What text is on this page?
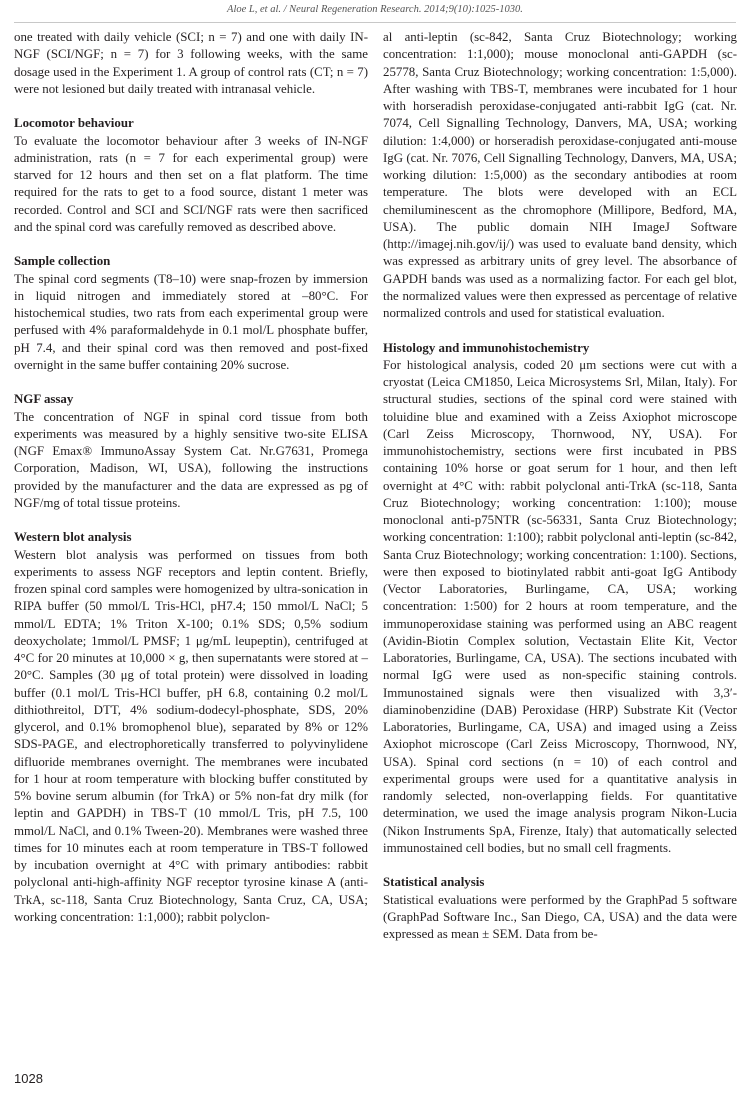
Aloe L, et al. / Neural Regeneration Research. 2014;9(10):1025-1030.

one treated with daily vehicle (SCI; n = 7) and one with daily IN-NGF (SCI/NGF; n = 7) for 3 following weeks, with the same dosage used in the Experiment 1. A group of control rats (CT; n = 7) were not lesioned but daily treated with intranasal vehicle.

Locomotor behaviour

To evaluate the locomotor behaviour after 3 weeks of IN-NGF administration, rats (n = 7 for each experimental group) were starved for 12 hours and then set on a flat platform. The time required for the rats to get to a food source, distant 1 meter was recorded. Control and SCI and SCI/NGF rats were then sacrificed and the spinal cord was carefully removed as described above.

Sample collection

The spinal cord segments (T8–10) were snap-frozen by immersion in liquid nitrogen and immediately stored at –80°C. For histochemical studies, two rats from each experimental group were perfused with 4% paraformaldehyde in 0.1 mol/L phosphate buffer, pH 7.4, and their spinal cord was then removed and post-fixed overnight in the same buffer containing 20% sucrose.

NGF assay

The concentration of NGF in spinal cord tissue from both experiments was measured by a highly sensitive two-site ELISA (NGF Emax® ImmunoAssay System Cat. Nr.G7631, Promega Corporation, Madison, WI, USA), following the instructions provided by the manufacturer and the data are expressed as pg of NGF/mg of total tissue proteins.

Western blot analysis

Western blot analysis was performed on tissues from both experiments to assess NGF receptors and leptin content. Briefly, frozen spinal cord samples were homogenized by ultra-sonication in RIPA buffer (50 mmol/L Tris-HCl, pH7.4; 150 mmol/L NaCl; 5 mmol/L EDTA; 1% Triton X-100; 0.1% SDS; 0,5% sodium deoxycholate; 1mmol/L PMSF; 1 μg/mL leupeptin), centrifuged at 4°C for 20 minutes at 10,000 × g, then supernatants were stored at –20°C. Samples (30 μg of total protein) were dissolved in loading buffer (0.1 mol/L Tris-HCl buffer, pH 6.8, containing 0.2 mol/L dithiothreitol, DTT, 4% sodium-dodecyl-phosphate, SDS, 20% glycerol, and 0.1% bromophenol blue), separated by 8% or 12% SDS-PAGE, and electrophoretically transferred to polyvinylidene difluoride membranes overnight. The membranes were incubated for 1 hour at room temperature with blocking buffer constituted by 5% bovine serum albumin (for TrkA) or 5% non-fat dry milk (for leptin and GAPDH) in TBS-T (10 mmol/L Tris, pH 7.5, 100 mmol/L NaCl, and 0.1% Tween-20). Membranes were washed three times for 10 minutes each at room temperature in TBS-T followed by incubation overnight at 4°C with primary antibodies: rabbit polyclonal anti-high-affinity NGF receptor tyrosine kinase A (anti-TrkA, sc-118, Santa Cruz Biotechnology, Santa Cruz, CA, USA; working concentration: 1:1,000); rabbit polyclon-

al anti-leptin (sc-842, Santa Cruz Biotechnology; working concentration: 1:1,000); mouse monoclonal anti-GAPDH (sc-25778, Santa Cruz Biotechnology; working concentration: 1:5,000). After washing with TBS-T, membranes were incubated for 1 hour with horseradish peroxidase-conjugated anti-rabbit IgG (cat. Nr. 7074, Cell Signalling Technology, Danvers, MA, USA; working dilution: 1:4,000) or horseradish peroxidase-conjugated anti-mouse IgG (cat. Nr. 7076, Cell Signalling Technology, Danvers, MA, USA; working dilution: 1:5,000) as the secondary antibodies at room temperature. The blots were developed with an ECL chemiluminescent as the chromophore (Millipore, Bedford, MA, USA). The public domain NIH ImageJ Software (http://imagej.nih.gov/ij/) was used to evaluate band density, which was expressed as arbitrary units of grey level. The absorbance of GAPDH bands was used as a normalizing factor. For each gel blot, the normalized values were then expressed as percentage of relative normalized controls and used for statistical evaluation.

Histology and immunohistochemistry

For histological analysis, coded 20 μm sections were cut with a cryostat (Leica CM1850, Leica Microsystems Srl, Milan, Italy). For structural studies, sections of the spinal cord were stained with toluidine blue and examined with a Zeiss Axiophot microscope (Carl Zeiss Microscopy, Thornwood, NY, USA). For immunohistochemistry, sections were first incubated in PBS containing 10% horse or goat serum for 1 hour, and then left overnight at 4°C with: rabbit polyclonal anti-TrkA (sc-118, Santa Cruz Biotechnology; working concentration: 1:100); mouse monoclonal anti-p75NTR (sc-56331, Santa Cruz Biotechnology; working concentration: 1:100); rabbit polyclonal anti-leptin (sc-842, Santa Cruz Biotechnology; working concentration: 1:100). Sections, were then exposed to biotinylated rabbit anti-goat IgG Antibody (Vector Laboratories, Burlingame, CA, USA; working concentration: 1:500) for 2 hours at room temperature, and the immunoperoxidase staining was performed using an ABC reagent (Avidin-Biotin Complex solution, Vectastain Elite Kit, Vector Laboratories, Burlingame, CA, USA). The sections incubated with normal IgG were used as non-specific staining controls. Immunostained signals were then visualized with 3,3′-diaminobenzidine (DAB) Peroxidase (HRP) Substrate Kit (Vector Laboratories, Burlingame, CA, USA) and imaged using a Zeiss Axiophot microscope (Carl Zeiss Microscopy, Thornwood, NY, USA). Spinal cord sections (n = 10) of each control and experimental groups were used for a quantitative analysis in randomly selected, non-overlapping fields. For quantitative determination, we used the image analysis program Nikon-Lucia (Nikon Instruments SpA, Firenze, Italy) that automatically selected immunostained cell bodies, but no small cell fragments.

Statistical analysis

Statistical evaluations were performed by the GraphPad 5 software (GraphPad Software Inc., San Diego, CA, USA) and the data were expressed as mean ± SEM. Data from be-

1028
